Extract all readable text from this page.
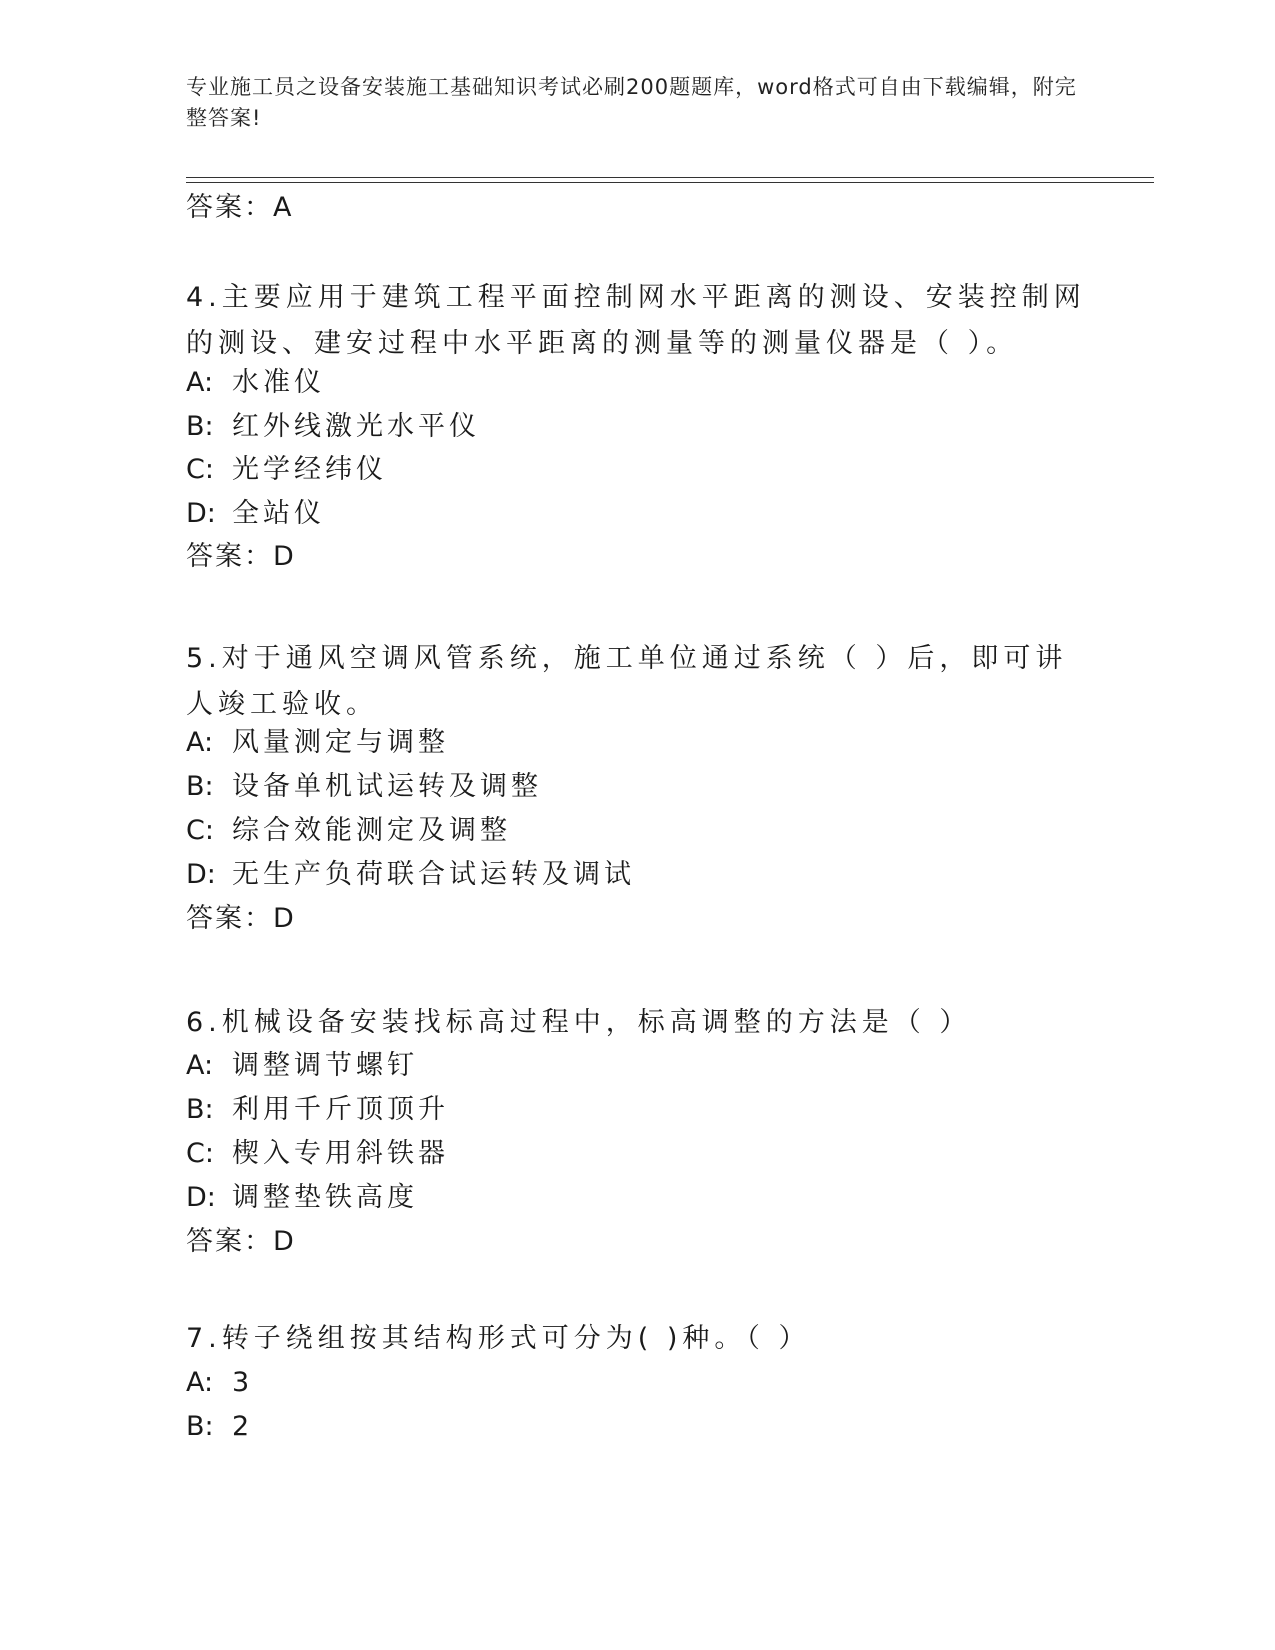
专业施工员之设备安装施工基础知识考试必刷200题题库，word格式可自由下载编辑，附完整答案!
答案：A
4.主要应用于建筑工程平面控制网水平距离的测设、安装控制网的测设、建安过程中水平距离的测量等的测量仪器是（ ）。
A: 水准仪
B: 红外线激光水平仪
C: 光学经纬仪
D: 全站仪
答案：D
5.对于通风空调风管系统，施工单位通过系统（ ）后，即可讲人竣工验收。
A: 风量测定与调整
B: 设备单机试运转及调整
C: 综合效能测定及调整
D: 无生产负荷联合试运转及调试
答案：D
6.机械设备安装找标高过程中，标高调整的方法是（ ）
A: 调整调节螺钉
B: 利用千斤顶顶升
C: 楔入专用斜铁器
D: 调整垫铁高度
答案：D
7.转子绕组按其结构形式可分为( )种。（ ）
A: 3
B: 2
